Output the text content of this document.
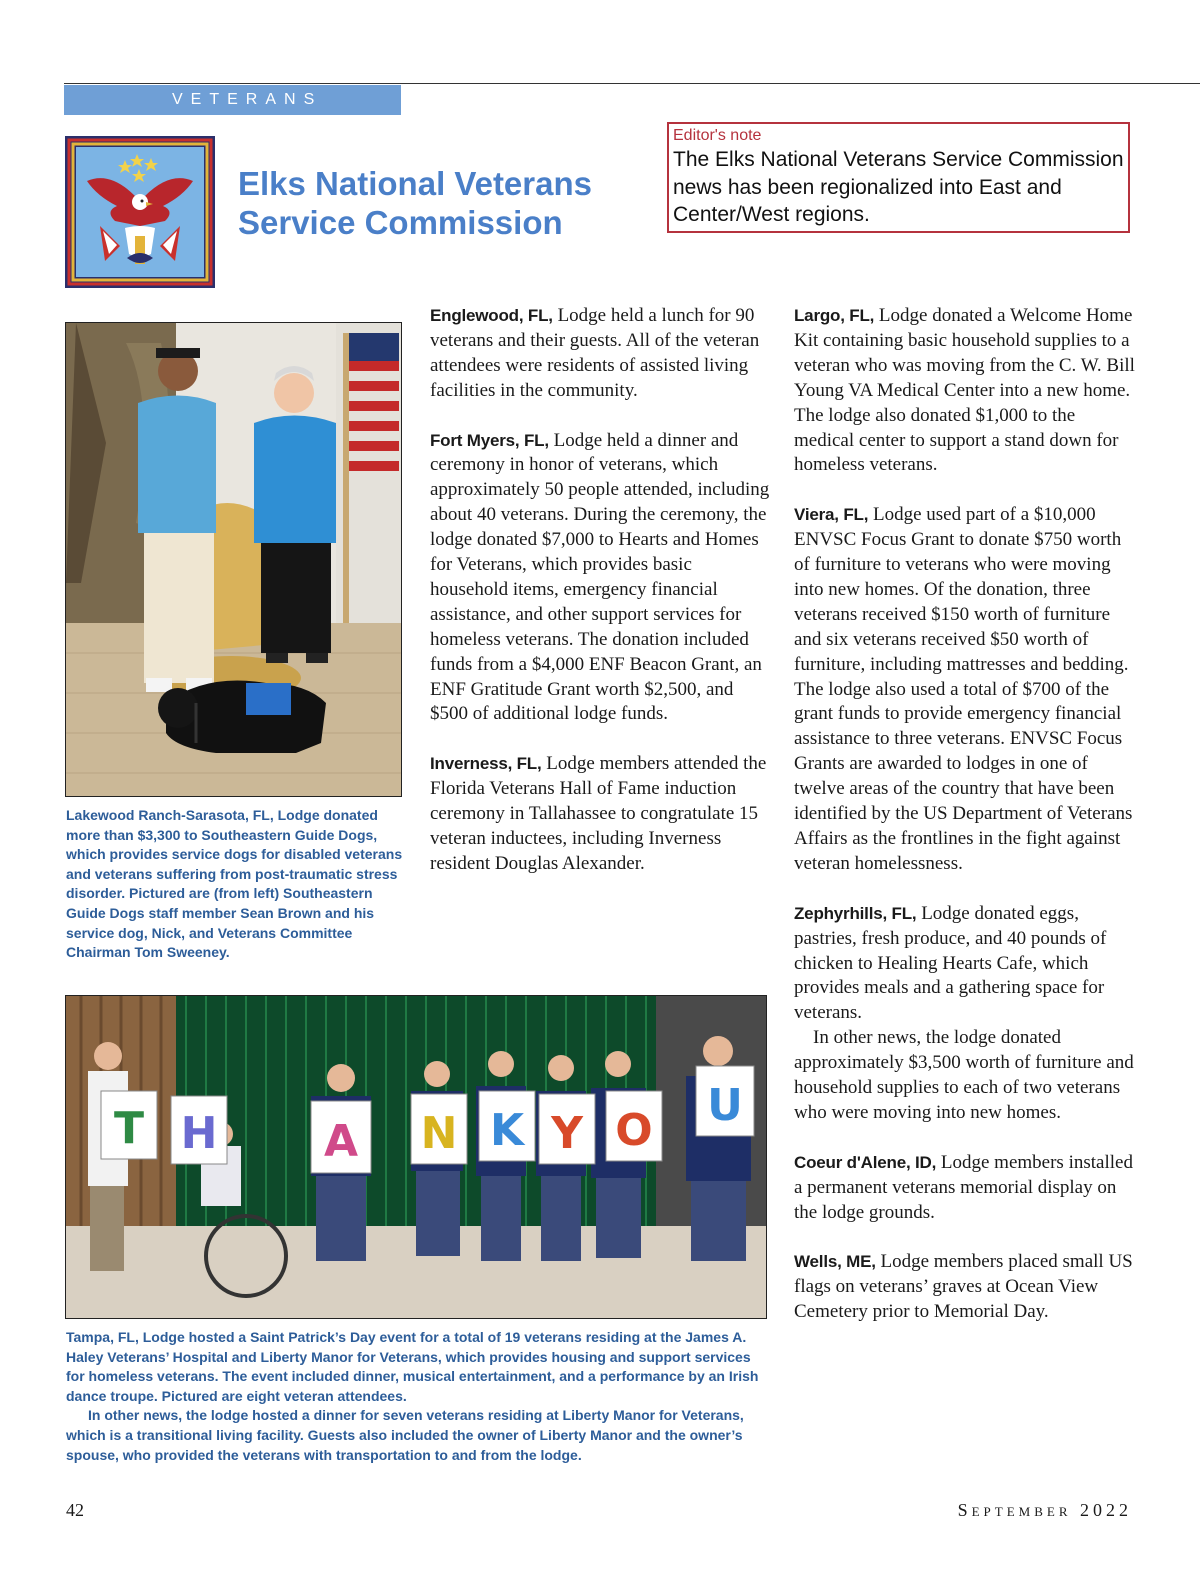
VETERANS
Elks National Veterans
Service Commission
Editor's note
The Elks National Veterans Service Commission news has been regionalized into East and Center/West regions.

Lakewood Ranch-Sarasota, FL, Lodge donated more than $3,300 to Southeastern Guide Dogs, which provides service dogs for disabled veterans and veterans suffering from post-traumatic stress disorder. Pictured are (from left) Southeastern Guide Dogs staff member Sean Brown and his service dog, Nick, and Veterans Committee Chairman Tom Sweeney.

Englewood, FL, Lodge held a lunch for 90 veterans and their guests. All of the veteran attendees were residents of assisted living facilities in the community.

Fort Myers, FL, Lodge held a dinner and ceremony in honor of veterans, which approximately 50 people attended, including about 40 veterans. During the ceremony, the lodge donated $7,000 to Hearts and Homes for Veterans, which provides basic household items, emergency financial assistance, and other support services for homeless veterans. The donation included funds from a $4,000 ENF Beacon Grant, an ENF Gratitude Grant worth $2,500, and $500 of additional lodge funds.

Inverness, FL, Lodge members attended the Florida Veterans Hall of Fame induction ceremony in Tallahassee to congratulate 15 veteran inductees, including Inverness resident Douglas Alexander.

Largo, FL, Lodge donated a Welcome Home Kit containing basic household supplies to a veteran who was moving from the C. W. Bill Young VA Medical Center into a new home. The lodge also donated $1,000 to the medical center to support a stand down for homeless veterans.

Viera, FL, Lodge used part of a $10,000 ENVSC Focus Grant to donate $750 worth of furniture to veterans who were moving into new homes. Of the donation, three veterans received $150 worth of furniture and six veterans received $50 worth of furniture, including mattresses and bedding. The lodge also used a total of $700 of the grant funds to provide emergency financial assistance to three veterans. ENVSC Focus Grants are awarded to lodges in one of twelve areas of the country that have been identified by the US Department of Veterans Affairs as the frontlines in the fight against veteran homelessness.

Zephyrhills, FL, Lodge donated eggs, pastries, fresh produce, and 40 pounds of chicken to Healing Hearts Cafe, which provides meals and a gathering space for veterans.

In other news, the lodge donated approximately $3,500 worth of furniture and household supplies to each of two veterans who were moving into new homes.

Coeur d'Alene, ID, Lodge members installed a permanent veterans memorial display on the lodge grounds.

Wells, ME, Lodge members placed small US flags on veterans’ graves at Ocean View Cemetery prior to Memorial Day.

T H A N K Y O U

Tampa, FL, Lodge hosted a Saint Patrick’s Day event for a total of 19 veterans residing at the James A. Haley Veterans’ Hospital and Liberty Manor for Veterans, which provides housing and support services for homeless veterans. The event included dinner, musical entertainment, and a performance by an Irish dance troupe. Pictured are eight veteran attendees.

In other news, the lodge hosted a dinner for seven veterans residing at Liberty Manor for Veterans, which is a transitional living facility. Guests also included the owner of Liberty Manor and the owner’s spouse, who provided the veterans with transportation to and from the lodge.

42	September 2022
